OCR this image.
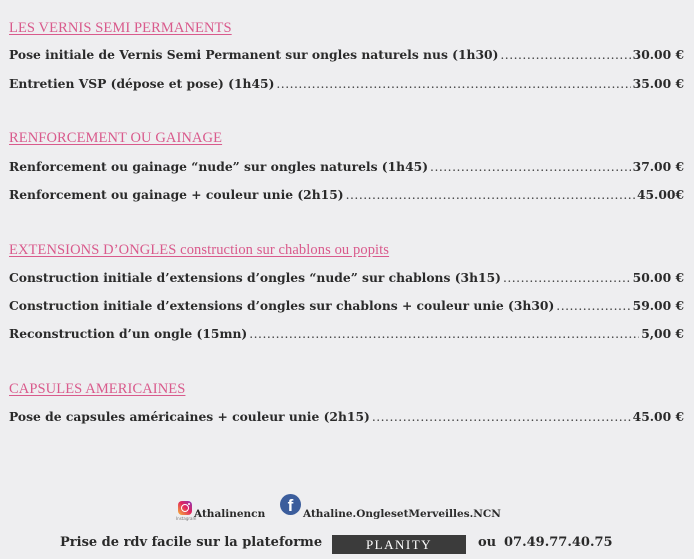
LES VERNIS SEMI PERMANENTS
Pose initiale de Vernis Semi Permanent sur ongles naturels nus (1h30) .....	30.00 €
Entretien VSP (dépose et pose) (1h45) .....	35.00 €
RENFORCEMENT OU GAINAGE
Renforcement ou gainage “nude” sur ongles naturels (1h45) .....	37.00 €
Renforcement ou gainage + couleur unie (2h15) .....	45.00€
EXTENSIONS D’ONGLES construction sur chablons ou popits
Construction initiale d’extensions d’ongles “nude” sur chablons (3h15) .....	50.00 €
Construction initiale d’extensions d’ongles sur chablons + couleur unie (3h30) .....	59.00 €
Reconstruction d’un ongle (15mn) .....	5,00 €
CAPSULES AMERICAINES
Pose de capsules américaines + couleur unie (2h15) .....	45.00 €
Instagram
Athalinencn	f Athaline.OnglesetMerveilles.NCN
Prise de rdv facile sur la plateforme	PLANITY	ou 07.49.77.40.75
